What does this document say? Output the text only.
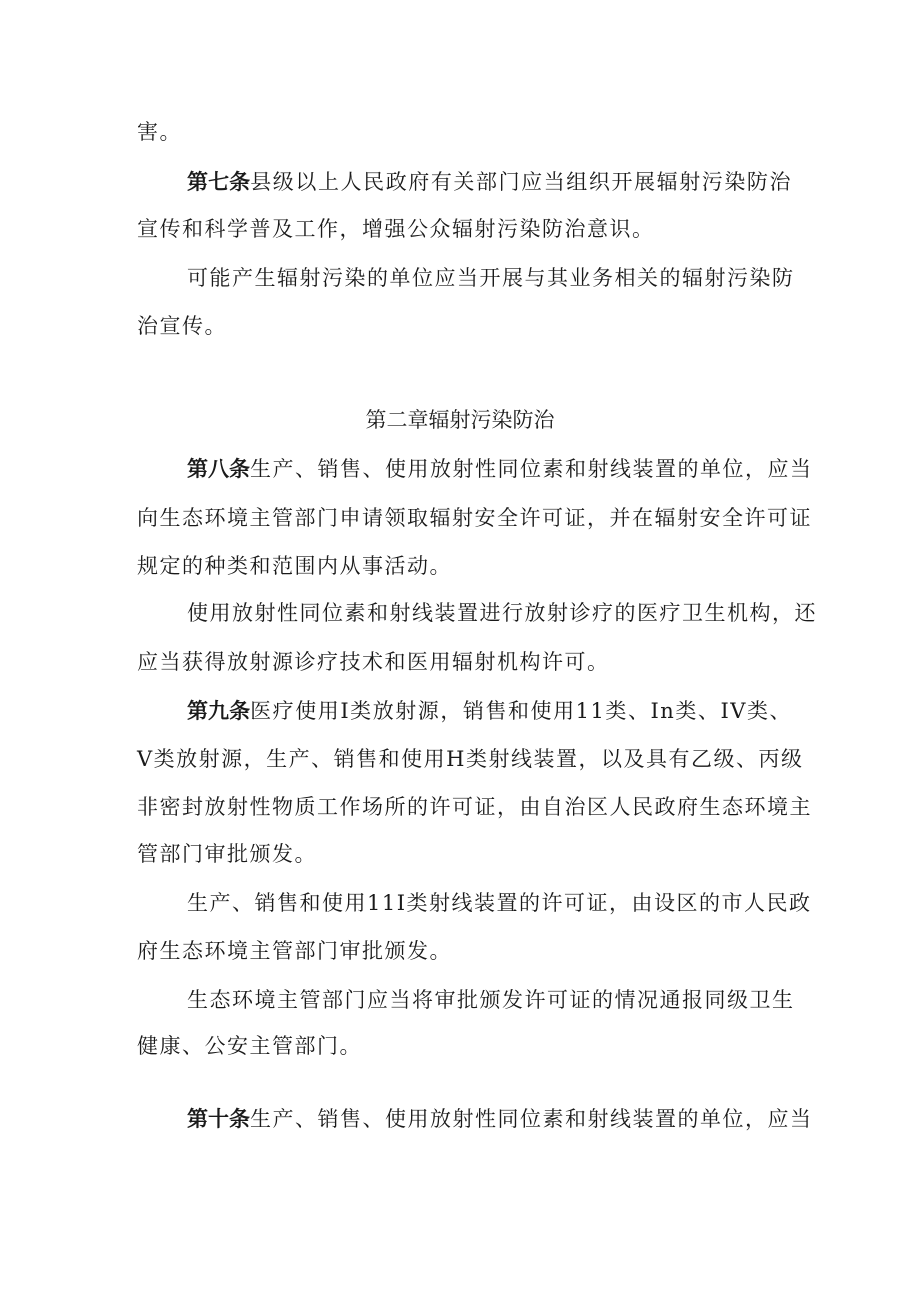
害。
第七条县级以上人民政府有关部门应当组织开展辐射污染防治
宣传和科学普及工作，增强公众辐射污染防治意识。
可能产生辐射污染的单位应当开展与其业务相关的辐射污染防
治宣传。
第二章辐射污染防治
第八条生产、销售、使用放射性同位素和射线装置的单位，应当
向生态环境主管部门申请领取辐射安全许可证，并在辐射安全许可证
规定的种类和范围内从事活动。
使用放射性同位素和射线装置进行放射诊疗的医疗卫生机构，还
应当获得放射源诊疗技术和医用辐射机构许可。
第九条医疗使用I类放射源，销售和使用11类、In类、IV类、
V类放射源，生产、销售和使用H类射线装置，以及具有乙级、丙级
非密封放射性物质工作场所的许可证，由自治区人民政府生态环境主
管部门审批颁发。
生产、销售和使用11I类射线装置的许可证，由设区的市人民政
府生态环境主管部门审批颁发。
生态环境主管部门应当将审批颁发许可证的情况通报同级卫生
健康、公安主管部门。
第十条生产、销售、使用放射性同位素和射线装置的单位，应当
